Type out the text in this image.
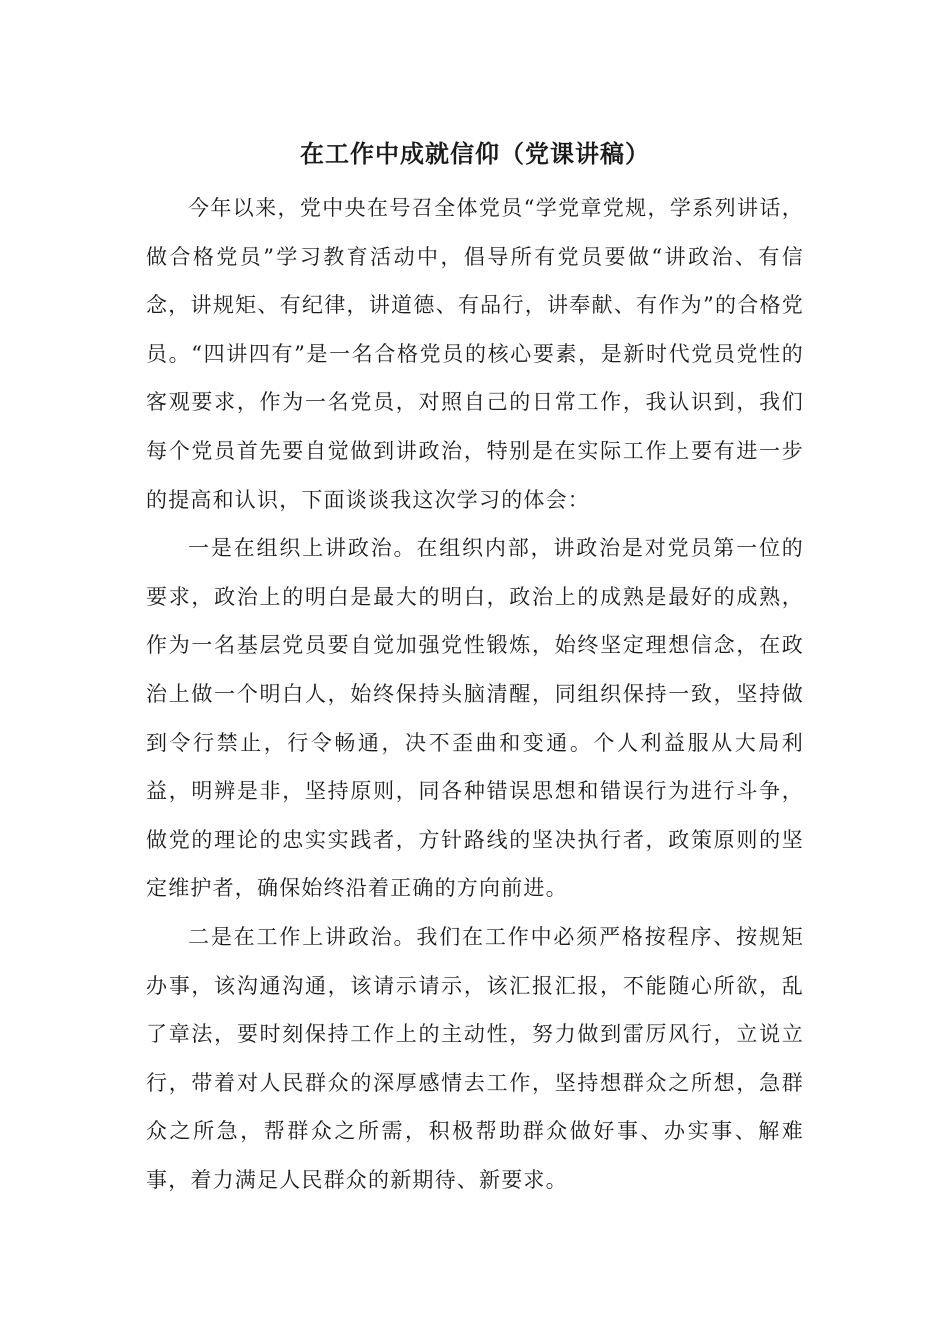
在工作中成就信仰（党课讲稿）

今年以来，党中央在号召全体党员“学党章党规，学系列讲话，做合格党员”学习教育活动中，倡导所有党员要做“讲政治、有信念，讲规矩、有纪律，讲道德、有品行，讲奉献、有作为”的合格党员。“四讲四有”是一名合格党员的核心要素，是新时代党员党性的客观要求，作为一名党员，对照自己的日常工作，我认识到，我们每个党员首先要自觉做到讲政治，特别是在实际工作上要有进一步的提高和认识，下面谈谈我这次学习的体会：

一是在组织上讲政治。在组织内部，讲政治是对党员第一位的要求，政治上的明白是最大的明白，政治上的成熟是最好的成熟，作为一名基层党员要自觉加强党性锻炼，始终坚定理想信念，在政治上做一个明白人，始终保持头脑清醒，同组织保持一致，坚持做到令行禁止，行令畅通，决不歪曲和变通。个人利益服从大局利益，明辨是非，坚持原则，同各种错误思想和错误行为进行斗争，做党的理论的忠实实践者，方针路线的坚决执行者，政策原则的坚定维护者，确保始终沿着正确的方向前进。

二是在工作上讲政治。我们在工作中必须严格按程序、按规矩办事，该沟通沟通，该请示请示，该汇报汇报，不能随心所欲，乱了章法，要时刻保持工作上的主动性，努力做到雷厉风行，立说立行，带着对人民群众的深厚感情去工作，坚持想群众之所想，急群众之所急，帮群众之所需，积极帮助群众做好事、办实事、解难事，着力满足人民群众的新期待、新要求。
